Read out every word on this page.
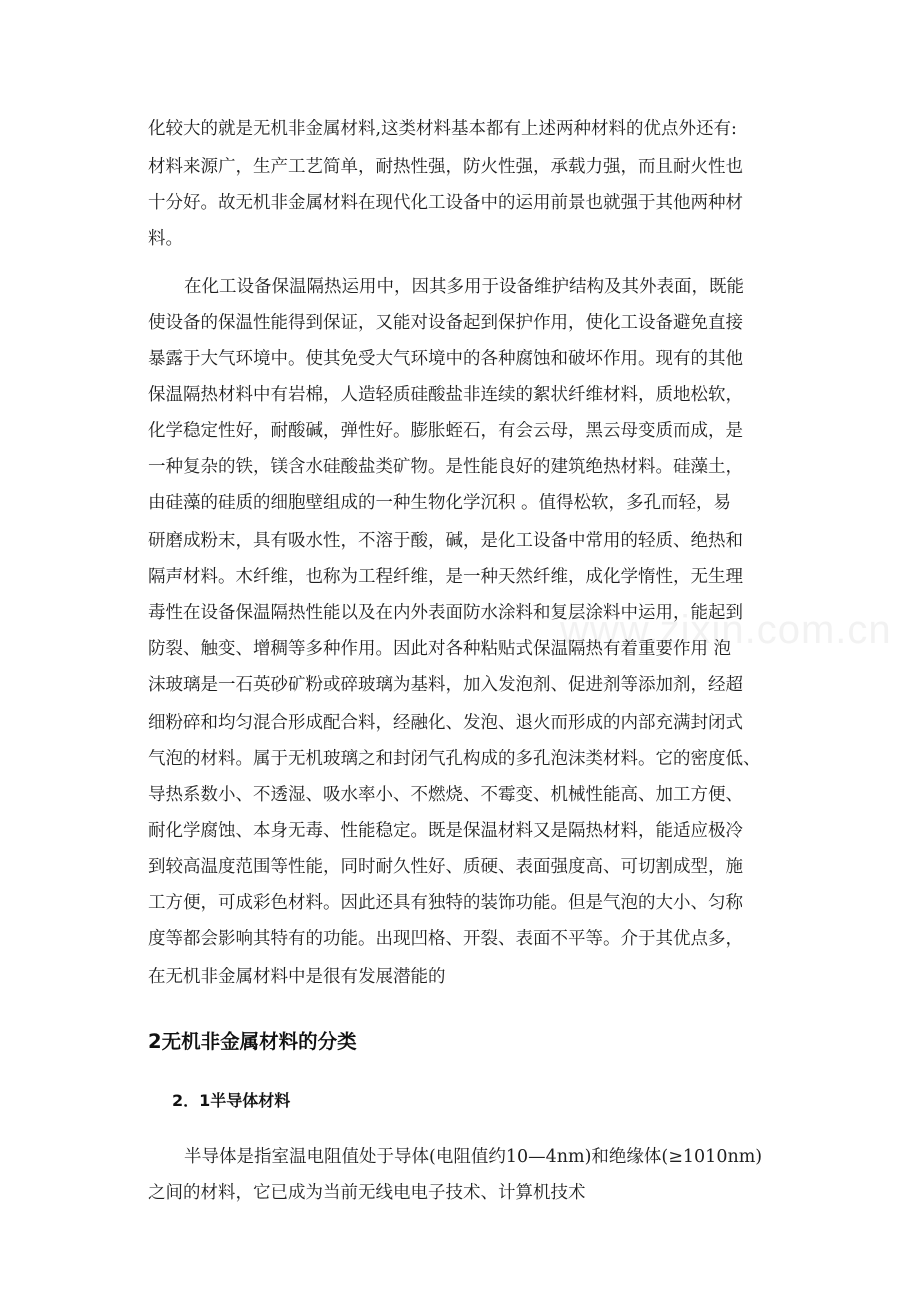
www.zixin.com.cn
化较大的就是无机非金属材料,这类材料基本都有上述两种材料的优点外还有:
材料来源广，生产工艺简单，耐热性强，防火性强，承载力强，而且耐火性也
十分好。故无机非金属材料在现代化工设备中的运用前景也就强于其他两种材
料。
在化工设备保温隔热运用中，因其多用于设备维护结构及其外表面，既能
使设备的保温性能得到保证，又能对设备起到保护作用，使化工设备避免直接
暴露于大气环境中。使其免受大气环境中的各种腐蚀和破坏作用。现有的其他
保温隔热材料中有岩棉，人造轻质硅酸盐非连续的絮状纤维材料，质地松软，
化学稳定性好，耐酸碱，弹性好。膨胀蛭石，有会云母，黑云母变质而成，是
一种复杂的铁，镁含水硅酸盐类矿物。是性能良好的建筑绝热材料。硅藻土，
由硅藻的硅质的细胞壁组成的一种生物化学沉积 。值得松软，多孔而轻，易
研磨成粉末，具有吸水性，不溶于酸，碱，是化工设备中常用的轻质、绝热和
隔声材料。木纤维，也称为工程纤维，是一种天然纤维，成化学惰性，无生理
毒性在设备保温隔热性能以及在内外表面防水涂料和复层涂料中运用，能起到
防裂、触变、增稠等多种作用。因此对各种粘贴式保温隔热有着重要作用 泡
沫玻璃是一石英砂矿粉或碎玻璃为基料，加入发泡剂、促进剂等添加剂，经超
细粉碎和均匀混合形成配合料，经融化、发泡、退火而形成的内部充满封闭式
气泡的材料。属于无机玻璃之和封闭气孔构成的多孔泡沫类材料。它的密度低、
导热系数小、不透湿、吸水率小、不燃烧、不霉变、机械性能高、加工方便、
耐化学腐蚀、本身无毒、性能稳定。既是保温材料又是隔热材料，能适应极冷
到较高温度范围等性能，同时耐久性好、质硬、表面强度高、可切割成型，施
工方便，可成彩色材料。因此还具有独特的装饰功能。但是气泡的大小、匀称
度等都会影响其特有的功能。出现凹格、开裂、表面不平等。介于其优点多，
在无机非金属材料中是很有发展潜能的
2无机非金属材料的分类
2．1半导体材料
半导体是指室温电阻值处于导体(电阻值约10—4nm)和绝缘体(≥1010nm)
之间的材料，它已成为当前无线电电子技术、计算机技术
